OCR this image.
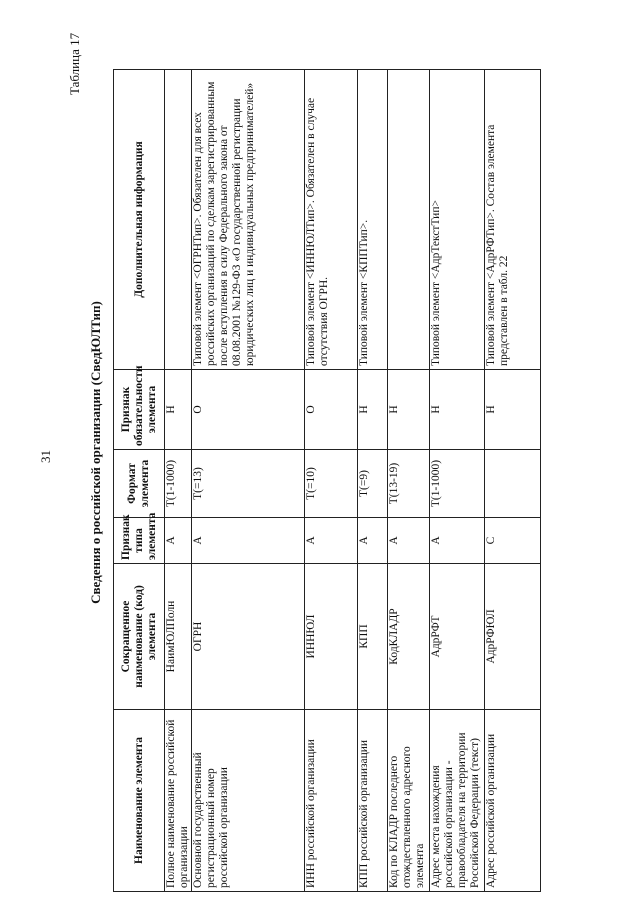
31
Таблица 17
Сведения о российской организации (СведЮЛТип)
Наименование элемента	Сокращенное наименование (код) элемента	Признак типа элемента	Формат элемента	Признак обязательности элемента	Дополнительная информация
Полное наименование российской организации	НаимЮЛПолн	А	Т(1-1000)	Н	
Основной государственный регистрационный номер российской организации	ОГРН	А	Т(=13)	О	Типовой элемент <ОГРНТип>. Обязателен для всех российских организаций по сделкам зарегистрированным после вступления в силу Федерального закона от 08.08.2001 №129-ФЗ «О государственной регистрации юридических лиц и индивидуальных предпринимателей»
ИНН российской организации	ИННЮЛ	А	Т(=10)	О	Типовой элемент <ИННЮЛТип>. Обязателен в случае отсутствия ОГРН.
КПП российской организации	КПП	А	Т(=9)	Н	Типовой элемент <КППТип>.
Код по КЛАДР последнего отождествленного адресного элемента	КодКЛАДР	А	Т(13-19)	Н	
Адрес места нахождения российской организации - правообладателя на территории Российской Федерации (текст)	АдрРФТ	А	Т(1-1000)	Н	Типовой элемент <АдрТекстТип>
Адрес российской организации	АдрРФЮЛ	С		Н	Типовой элемент <АдрРФТип>. Состав элемента представлен в табл. 22
